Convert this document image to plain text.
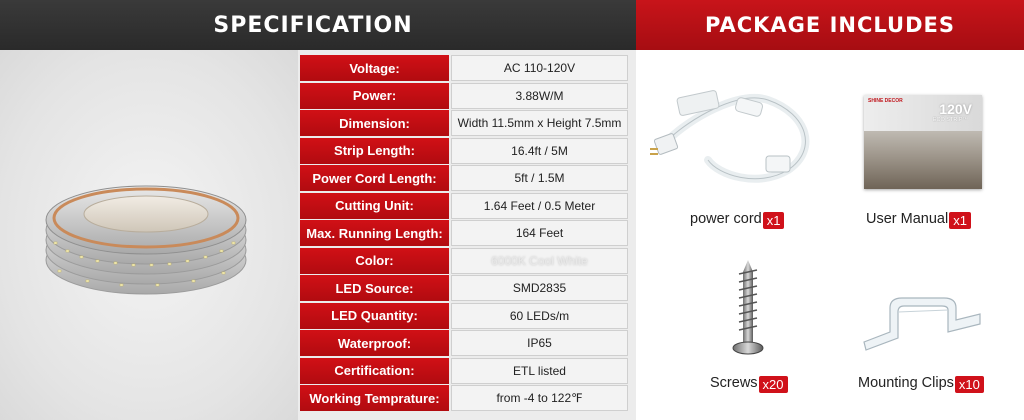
SPECIFICATION	PACKAGE INCLUDES
Voltage:	AC 110-120V
Power:	3.88W/M
Dimension:	Width 11.5mm x Height 7.5mm
Strip Length:	16.4ft / 5M
Power Cord Length:	5ft / 1.5M
Cutting Unit:	1.64 Feet / 0.5 Meter
Max. Running Length:	164 Feet
Color:	6000K Cool White
LED Source:	SMD2835
LED Quantity:	60 LEDs/m
Waterproof:	IP65
Certification:	ETL listed
Working Temprature:	from -4 to 122℉
power cord x1
SHINE DECOR	120V
ECO STRIP™
User Manual x1
Screws x20	Mounting Clips x10
